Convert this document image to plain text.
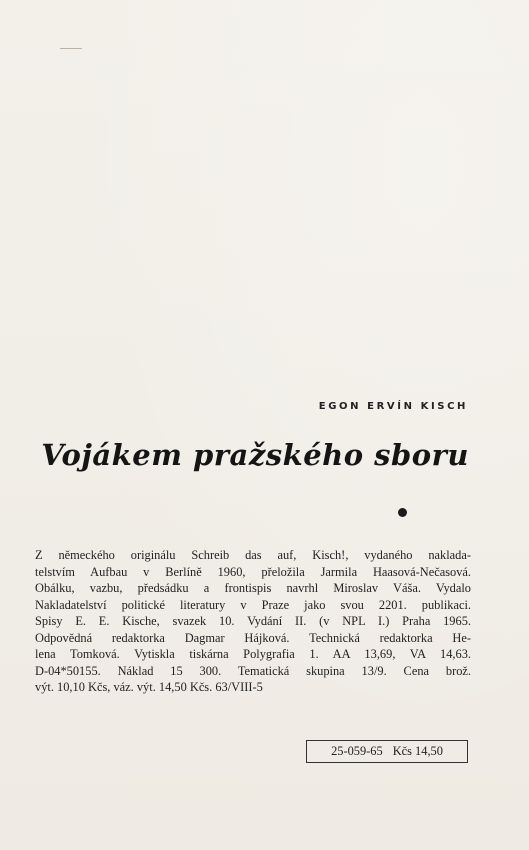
EGON ERVÍN KISCH
Vojákem pražského sboru
Z německého originálu Schreib das auf, Kisch!, vydaného naklada-
telstvím Aufbau v Berlíně 1960, přeložila Jarmila Haasová-Nečasová.
Obálku, vazbu, předsádku a frontispis navrhl Miroslav Váša. Vydalo
Nakladatelství politické literatury v Praze jako svou 2201. publikaci.
Spisy E. E. Kische, svazek 10. Vydání II. (v NPL I.) Praha 1965.
Odpovědná redaktorka Dagmar Hájková. Technická redaktorka He-
lena Tomková. Vytiskla tiskárna Polygrafia 1. AA 13,69, VA 14,63.
D-04*50155. Náklad 15 300. Tematická skupina 13/9. Cena brož.
výt. 10,10 Kčs, váz. výt. 14,50 Kčs. 63/VIII-5
25-059-65 Kčs 14,50
